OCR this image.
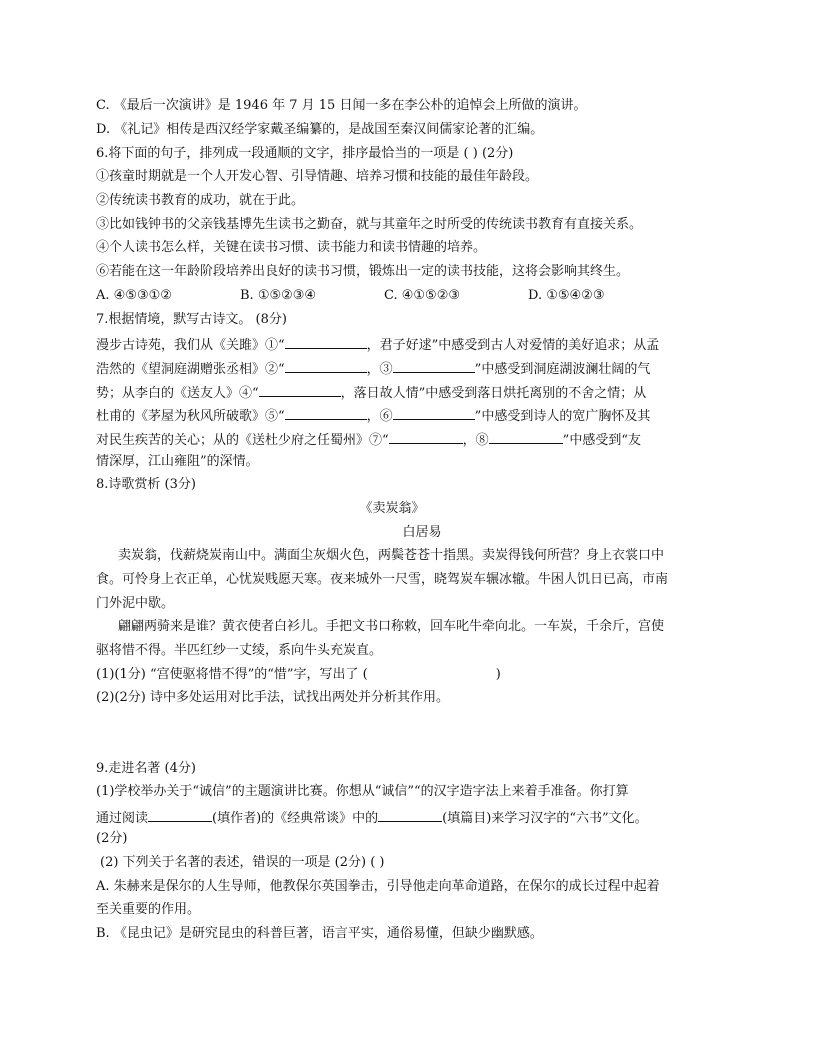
C. 《最后一次演讲》是 1946 年 7 月 15 日闻一多在李公朴的追悼会上所做的演讲。
D. 《礼记》相传是西汉经学家戴圣编纂的，是战国至秦汉间儒家论著的汇编。
6.将下面的句子，排列成一段通顺的文字，排序最恰当的一项是 ( ) (2分)
①孩童时期就是一个人开发心智、引导情趣、培养习惯和技能的最佳年龄段。
②传统读书教育的成功，就在于此。
③比如钱钟书的父亲钱基博先生读书之勤奋，就与其童年之时所受的传统读书教育有直接关系。
④个人读书怎么样，关键在读书习惯、读书能力和读书情趣的培养。
⑥若能在这一年龄阶段培养出良好的读书习惯，锻炼出一定的读书技能，这将会影响其终生。
A. ④⑤③①②	B. ①⑤②③④	C. ④①⑤②③	D. ①⑤④②③
7.根据情境，默写古诗文。 (8分)
漫步古诗苑，我们从《关雎》①“	，君子好逑”中感受到古人对爱情的美好追求；从孟
浩然的《望洞庭湖赠张丞相》②“	，③	”中感受到洞庭湖波澜壮阔的气
势；从李白的《送友人》④“	，落日故人情”中感受到落日烘托离别的不舍之情；从
杜甫的《茅屋为秋风所破歌》⑤“	，⑥	”中感受到诗人的宽广胸怀及其
对民生疾苦的关心；从的《送杜少府之任蜀州》⑦“	，⑧	”中感受到“友
情深厚，江山雍阻”的深情。
8.诗歌赏析 (3分)
《卖炭翁》
白居易
卖炭翁，伐薪烧炭南山中。满面尘灰烟火色，两鬓苍苍十指黑。卖炭得钱何所营？身上衣裳口中
食。可怜身上衣正单，心忧炭贱愿天寒。夜来城外一尺雪，晓驾炭车辗冰辙。牛困人饥日已高，市南
门外泥中歇。
翩翩两骑来是谁？黄衣使者白衫儿。手把文书口称敕，回车叱牛牵向北。一车炭，千余斤，宫使
驱将惜不得。半匹红纱一丈绫，系向牛头充炭直。
(1)(1分) “宫使驱将惜不得”的“惜”字，写出了 (	)
(2)(2分) 诗中多处运用对比手法，试找出两处并分析其作用。
9.走进名著 (4分)
(1)学校举办关于“诚信”的主题演讲比赛。你想从“诚信”“的汉字造字法上来着手准备。你打算
通过阅读	(填作者)的《经典常谈》中的	(填篇目)来学习汉字的“六书”文化。
(2分)
(2) 下列关于名著的表述，错误的一项是 (2分) ( )
A. 朱赫来是保尔的人生导师，他教保尔英国拳击，引导他走向革命道路，在保尔的成长过程中起着
至关重要的作用。
B. 《昆虫记》是研究昆虫的科普巨著，语言平实，通俗易懂，但缺少幽默感。
